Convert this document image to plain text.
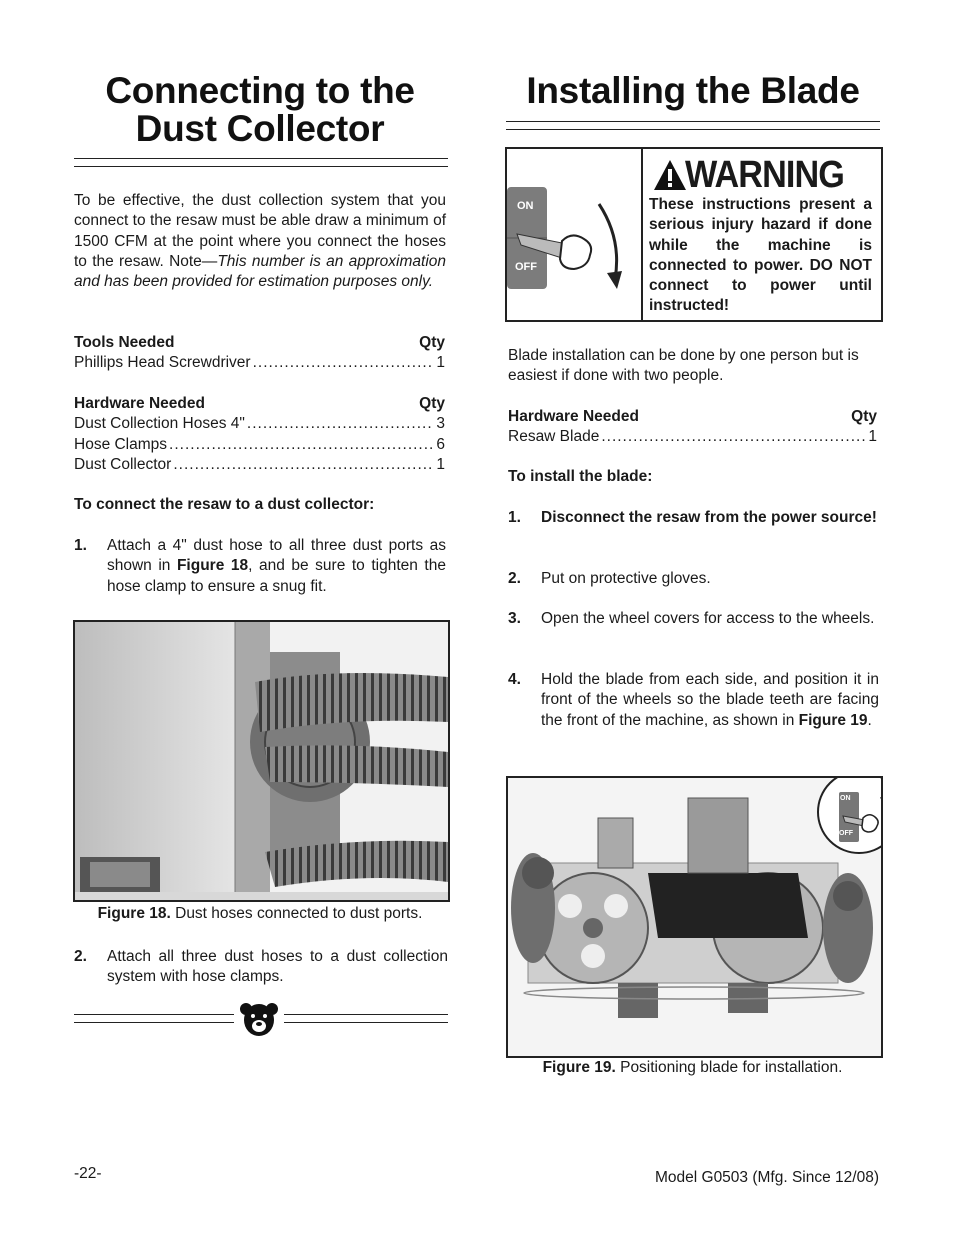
Connecting to the
Dust Collector
To be effective, the dust collection system that you connect to the resaw must be able draw a minimum of 1500 CFM at the point where you connect the hoses to the resaw. Note—This number is an approximation and has been provided for estimation purposes only.
Tools Needed	Qty
Phillips Head Screwdriver .....	1
Hardware Needed	Qty
Dust Collection Hoses 4" .....	3
Hose Clamps .....	6
Dust Collector .....	1
To connect the resaw to a dust collector:
1.	Attach a 4" dust hose to all three dust ports as shown in Figure 18, and be sure to tighten the hose clamp to ensure a snug fit.
Figure 18. Dust hoses connected to dust ports.
2.	Attach all three dust hoses to a dust collection system with hose clamps.
Installing the Blade
ON
OFF
WARNING
These instructions present a serious injury hazard if done while the machine is connected to power. DO NOT connect to power until instructed!
Blade installation can be done by one person but is easiest if done with two people.
Hardware Needed	Qty
Resaw Blade .....	1
To install the blade:
1.	Disconnect the resaw from the power source!
2.	Put on protective gloves.
3.	Open the wheel covers for access to the wheels.
4.	Hold the blade from each side, and position it in front of the wheels so the blade teeth are facing the front of the machine, as shown in Figure 19.
ON
OFF
Figure 19. Positioning blade for installation.
-22-	Model G0503 (Mfg. Since 12/08)
